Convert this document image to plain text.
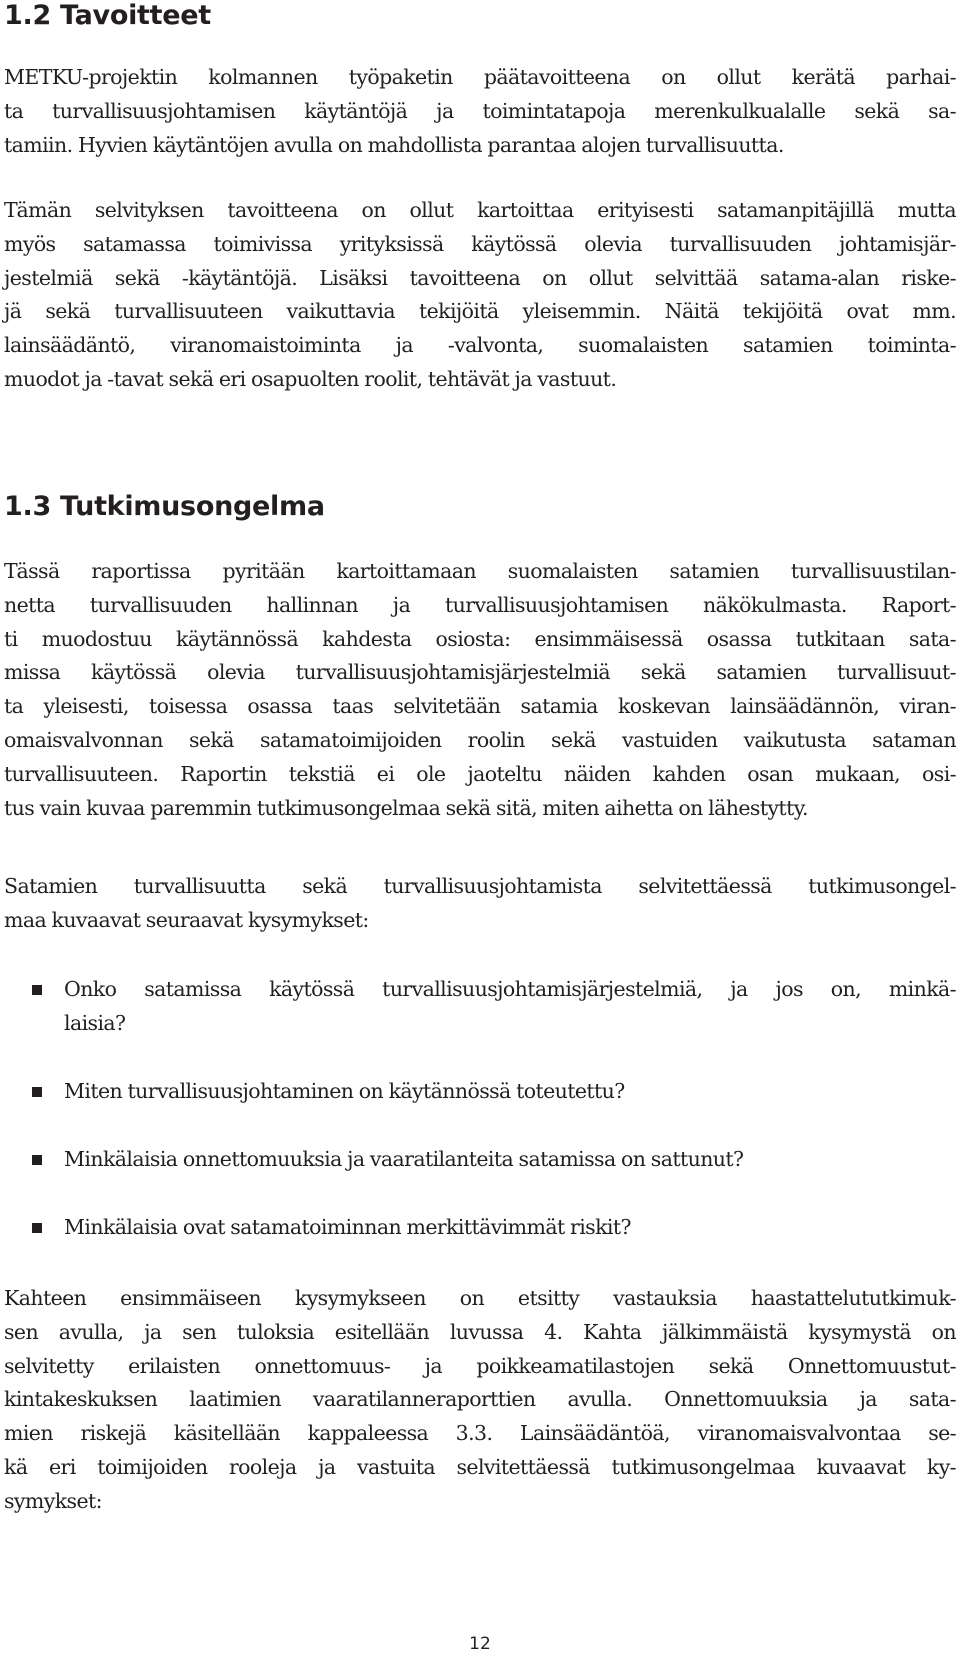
1.2 Tavoitteet

METKU-projektin kolmannen työpaketin päätavoitteena on ollut kerätä parhai-
ta turvallisuusjohtamisen käytäntöjä ja toimintatapoja merenkulkualalle sekä sa-
tamiin. Hyvien käytäntöjen avulla on mahdollista parantaa alojen turvallisuutta.

Tämän selvityksen tavoitteena on ollut kartoittaa erityisesti satamanpitäjillä mutta
myös satamassa toimivissa yrityksissä käytössä olevia turvallisuuden johtamisjär-
jestelmiä sekä -käytäntöjä. Lisäksi tavoitteena on ollut selvittää satama-alan riske-
jä sekä turvallisuuteen vaikuttavia tekijöitä yleisemmin. Näitä tekijöitä ovat mm.
lainsäädäntö, viranomaistoiminta ja -valvonta, suomalaisten satamien toiminta-
muodot ja -tavat sekä eri osapuolten roolit, tehtävät ja vastuut.

1.3 Tutkimusongelma

Tässä raportissa pyritään kartoittamaan suomalaisten satamien turvallisuustilan-
netta turvallisuuden hallinnan ja turvallisuusjohtamisen näkökulmasta. Raport-
ti muodostuu käytännössä kahdesta osiosta: ensimmäisessä osassa tutkitaan sata-
missa käytössä olevia turvallisuusjohtamisjärjestelmiä sekä satamien turvallisuut-
ta yleisesti, toisessa osassa taas selvitetään satamia koskevan lainsäädännön, viran-
omaisvalvonnan sekä satamatoimijoiden roolin sekä vastuiden vaikutusta sataman
turvallisuuteen. Raportin tekstiä ei ole jaoteltu näiden kahden osan mukaan, osi-
tus vain kuvaa paremmin tutkimusongelmaa sekä sitä, miten aihetta on lähestytty.

Satamien turvallisuutta sekä turvallisuusjohtamista selvitettäessä tutkimusongel-
maa kuvaavat seuraavat kysymykset:

Onko satamissa käytössä turvallisuusjohtamisjärjestelmiä, ja jos on, minkä-
laisia?
Miten turvallisuusjohtaminen on käytännössä toteutettu?
Minkälaisia onnettomuuksia ja vaaratilanteita satamissa on sattunut?
Minkälaisia ovat satamatoiminnan merkittävimmät riskit?

Kahteen ensimmäiseen kysymykseen on etsitty vastauksia haastattelututkimuk-
sen avulla, ja sen tuloksia esitellään luvussa 4. Kahta jälkimmäistä kysymystä on
selvitetty erilaisten onnettomuus- ja poikkeamatilastojen sekä Onnettomuustut-
kintakeskuksen laatimien vaaratilanneraporttien avulla. Onnettomuuksia ja sata-
mien riskejä käsitellään kappaleessa 3.3. Lainsäädäntöä, viranomaisvalvontaa se-
kä eri toimijoiden rooleja ja vastuita selvitettäessä tutkimusongelmaa kuvaavat ky-
symykset:

12
